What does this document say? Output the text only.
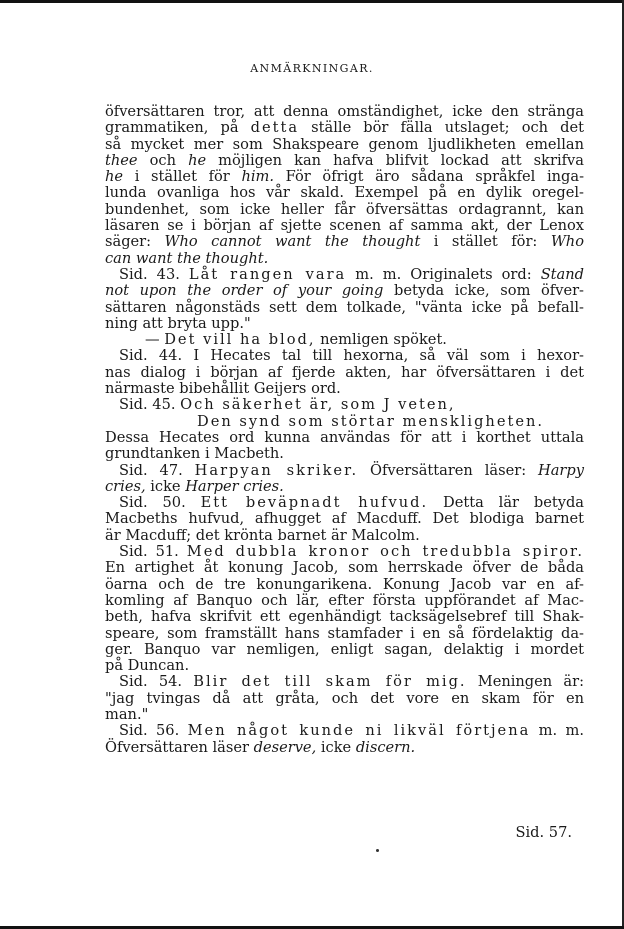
ANMÄRKNINGAR.
öfversättaren tror, att denna omständighet, icke den stränga
grammatiken, på detta ställe bör fälla utslaget; och det
så mycket mer som Shakspeare genom ljudlikheten emellan
thee och he möjligen kan hafva blifvit lockad att skrifva
he i stället för him. För öfrigt äro sådana språkfel inga-
lunda ovanliga hos vår skald. Exempel på en dylik oregel-
bundenhet, som icke heller får öfversättas ordagrannt, kan
läsaren se i början af sjette scenen af samma akt, der Lenox
säger: Who cannot want the thought i stället för: Who
can want the thought.
Sid. 43. Låt rangen vara m. m. Originalets ord: Stand
not upon the order of your going betyda icke, som öfver-
sättaren någonstäds sett dem tolkade, "vänta icke på befall-
ning att bryta upp."
— Det vill ha blod, nemligen spöket.
Sid. 44. I Hecates tal till hexorna, så väl som i hexor-
nas dialog i början af fjerde akten, har öfversättaren i det
närmaste bibehållit Geijers ord.
Sid. 45. Och säkerhet är, som J veten,
Den synd som störtar menskligheten.
Dessa Hecates ord kunna användas för att i korthet uttala
grundtanken i Macbeth.
Sid. 47. Harpyan skriker. Öfversättaren läser: Harpy
cries, icke Harper cries.
Sid. 50. Ett beväpnadt hufvud. Detta lär betyda
Macbeths hufvud, afhugget af Macduff. Det blodiga barnet
är Macduff; det krönta barnet är Malcolm.
Sid. 51. Med dubbla kronor och tredubbla spiror.
En artighet åt konung Jacob, som herrskade öfver de båda
öarna och de tre konungarikena. Konung Jacob var en af-
komling af Banquo och lär, efter första uppförandet af Mac-
beth, hafva skrifvit ett egenhändigt tacksägelsebref till Shak-
speare, som framställt hans stamfader i en så fördelaktig da-
ger. Banquo var nemligen, enligt sagan, delaktig i mordet
på Duncan.
Sid. 54. Blir det till skam för mig. Meningen är:
"jag tvingas då att gråta, och det vore en skam för en
man."
Sid. 56. Men något kunde ni likväl förtjena m. m.
Öfversättaren läser deserve, icke discern.
Sid. 57.
